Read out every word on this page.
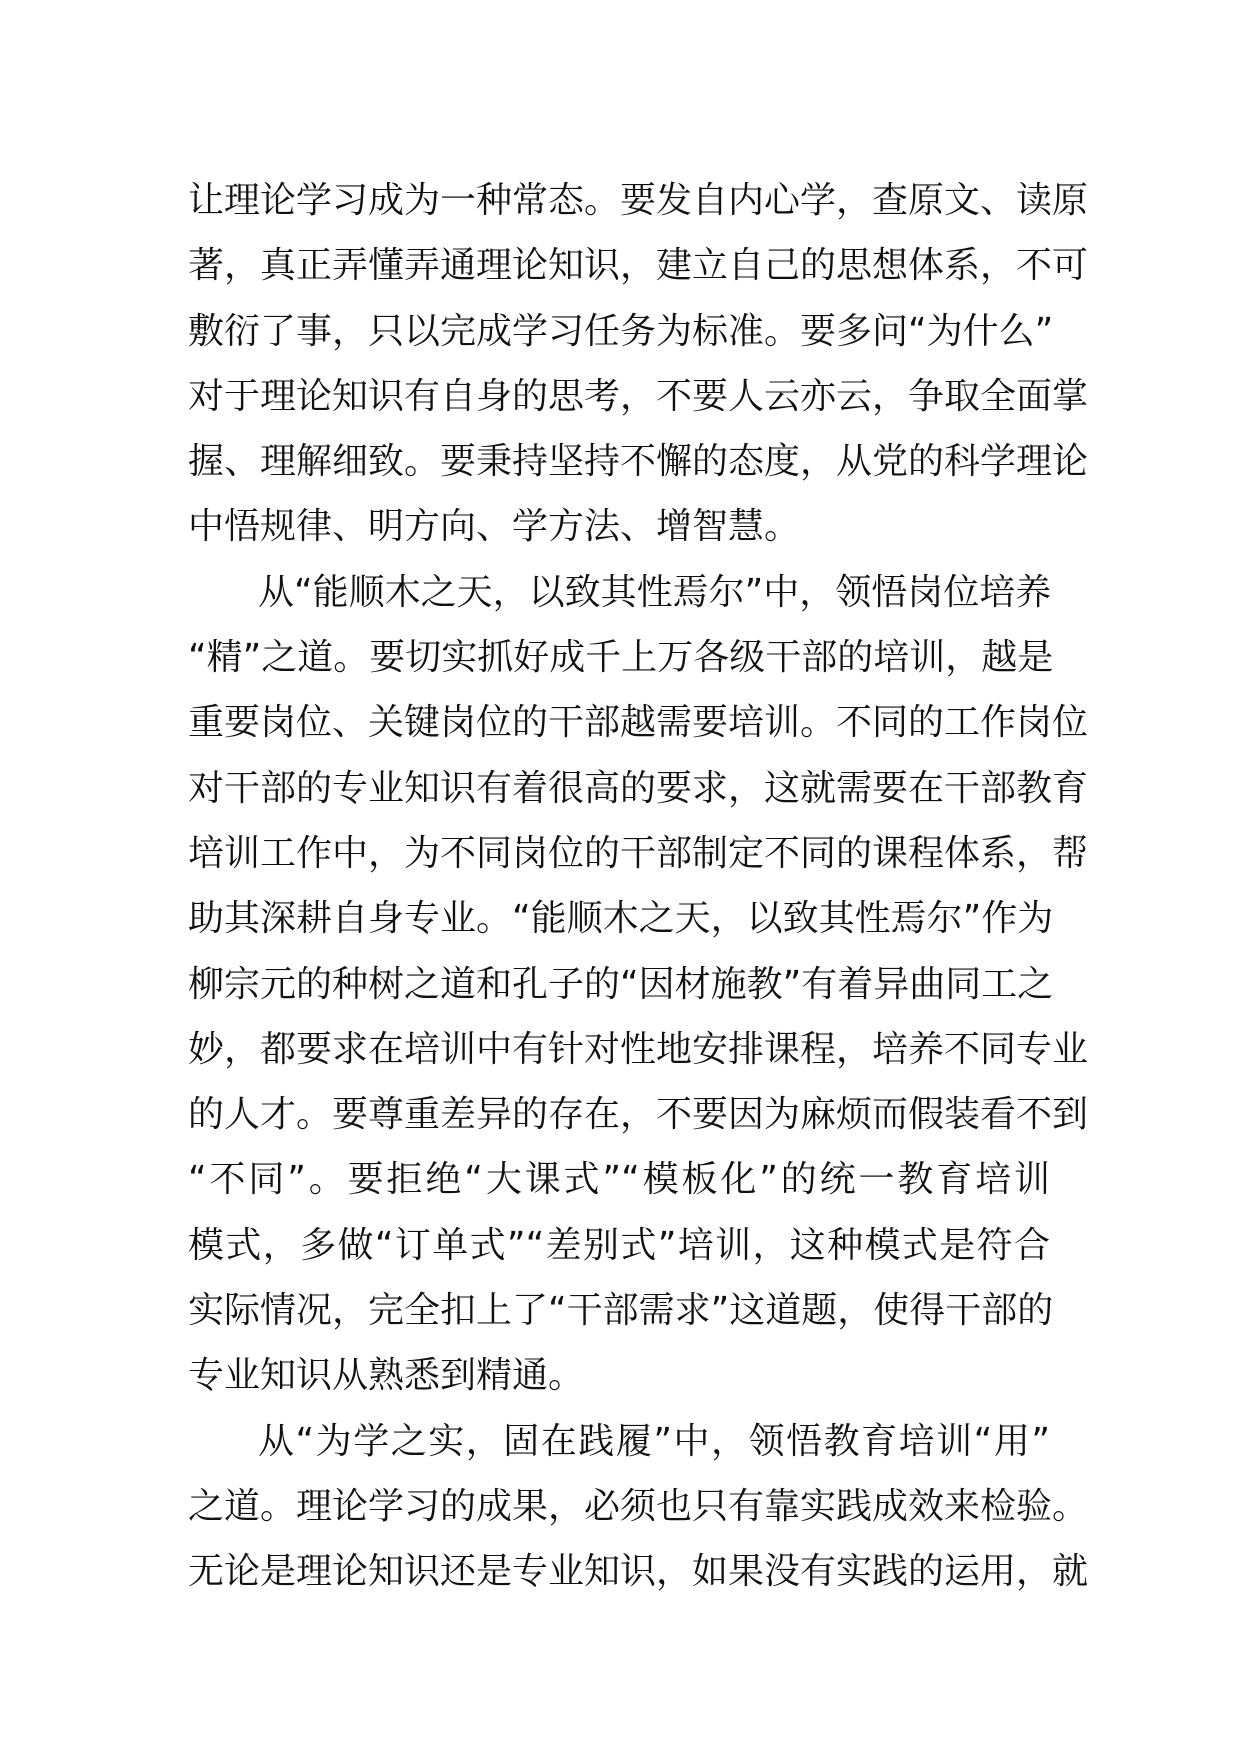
让理论学习成为一种常态。要发自内心学，查原文、读原
著，真正弄懂弄通理论知识，建立自己的思想体系，不可
敷衍了事，只以完成学习任务为标准。要多问“为什么”
对于理论知识有自身的思考，不要人云亦云，争取全面掌
握、理解细致。要秉持坚持不懈的态度，从党的科学理论
中悟规律、明方向、学方法、增智慧。
从“能顺木之天，以致其性焉尔”中，领悟岗位培养
“精”之道。要切实抓好成千上万各级干部的培训，越是
重要岗位、关键岗位的干部越需要培训。不同的工作岗位
对干部的专业知识有着很高的要求，这就需要在干部教育
培训工作中，为不同岗位的干部制定不同的课程体系，帮
助其深耕自身专业。“能顺木之天，以致其性焉尔”作为
柳宗元的种树之道和孔子的“因材施教”有着异曲同工之
妙，都要求在培训中有针对性地安排课程，培养不同专业
的人才。要尊重差异的存在，不要因为麻烦而假装看不到
“不同”。要拒绝“大课式”“模板化”的统一教育培训
模式，多做“订单式”“差别式”培训，这种模式是符合
实际情况，完全扣上了“干部需求”这道题，使得干部的
专业知识从熟悉到精通。
从“为学之实，固在践履”中，领悟教育培训“用”
之道。理论学习的成果，必须也只有靠实践成效来检验。
无论是理论知识还是专业知识，如果没有实践的运用，就
